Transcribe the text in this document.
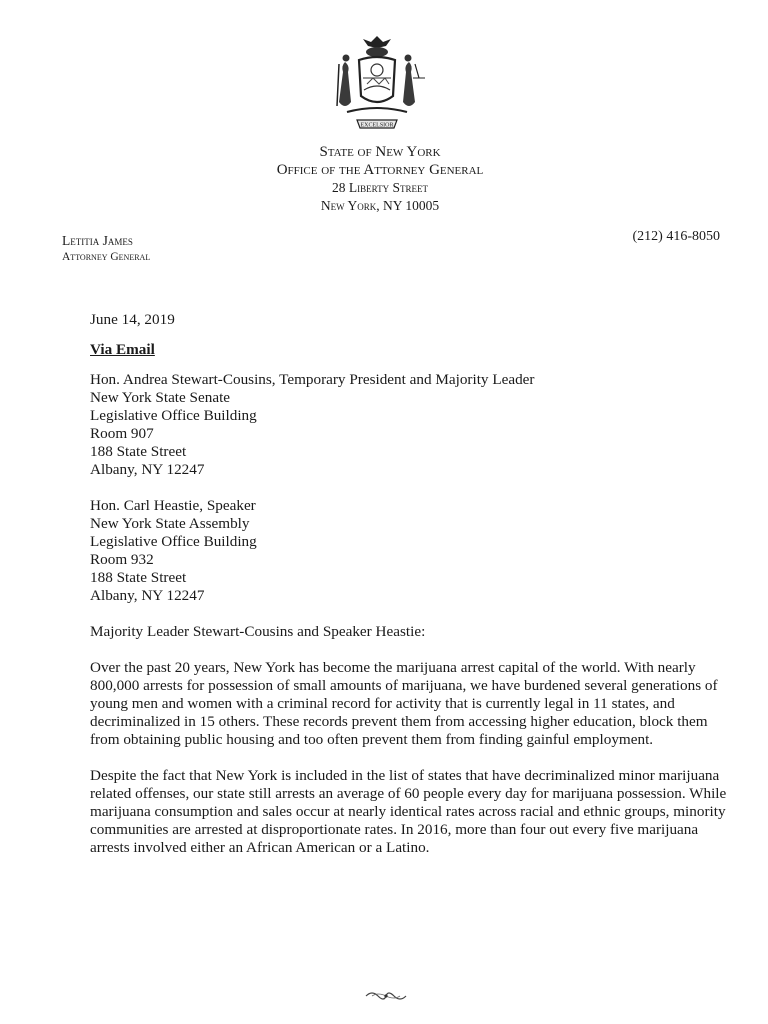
EXCELSIOR
State of New York
Office of the Attorney General
28 Liberty Street
New York, NY 10005
Letitia James
Attorney General
(212) 416-8050
June 14, 2019
Via Email
Hon. Andrea Stewart-Cousins, Temporary President and Majority Leader
New York State Senate
Legislative Office Building
Room 907
188 State Street
Albany, NY 12247
Hon. Carl Heastie, Speaker
New York State Assembly
Legislative Office Building
Room 932
188 State Street
Albany, NY 12247
Majority Leader Stewart-Cousins and Speaker Heastie:
Over the past 20 years, New York has become the marijuana arrest capital of the world. With nearly 800,000 arrests for possession of small amounts of marijuana, we have burdened several generations of young men and women with a criminal record for activity that is currently legal in 11 states, and decriminalized in 15 others. These records prevent them from accessing higher education, block them from obtaining public housing and too often prevent them from finding gainful employment.
Despite the fact that New York is included in the list of states that have decriminalized minor marijuana related offenses, our state still arrests an average of 60 people every day for marijuana possession. While marijuana consumption and sales occur at nearly identical rates across racial and ethnic groups, minority communities are arrested at disproportionate rates. In 2016, more than four out every five marijuana arrests involved either an African American or a Latino.
